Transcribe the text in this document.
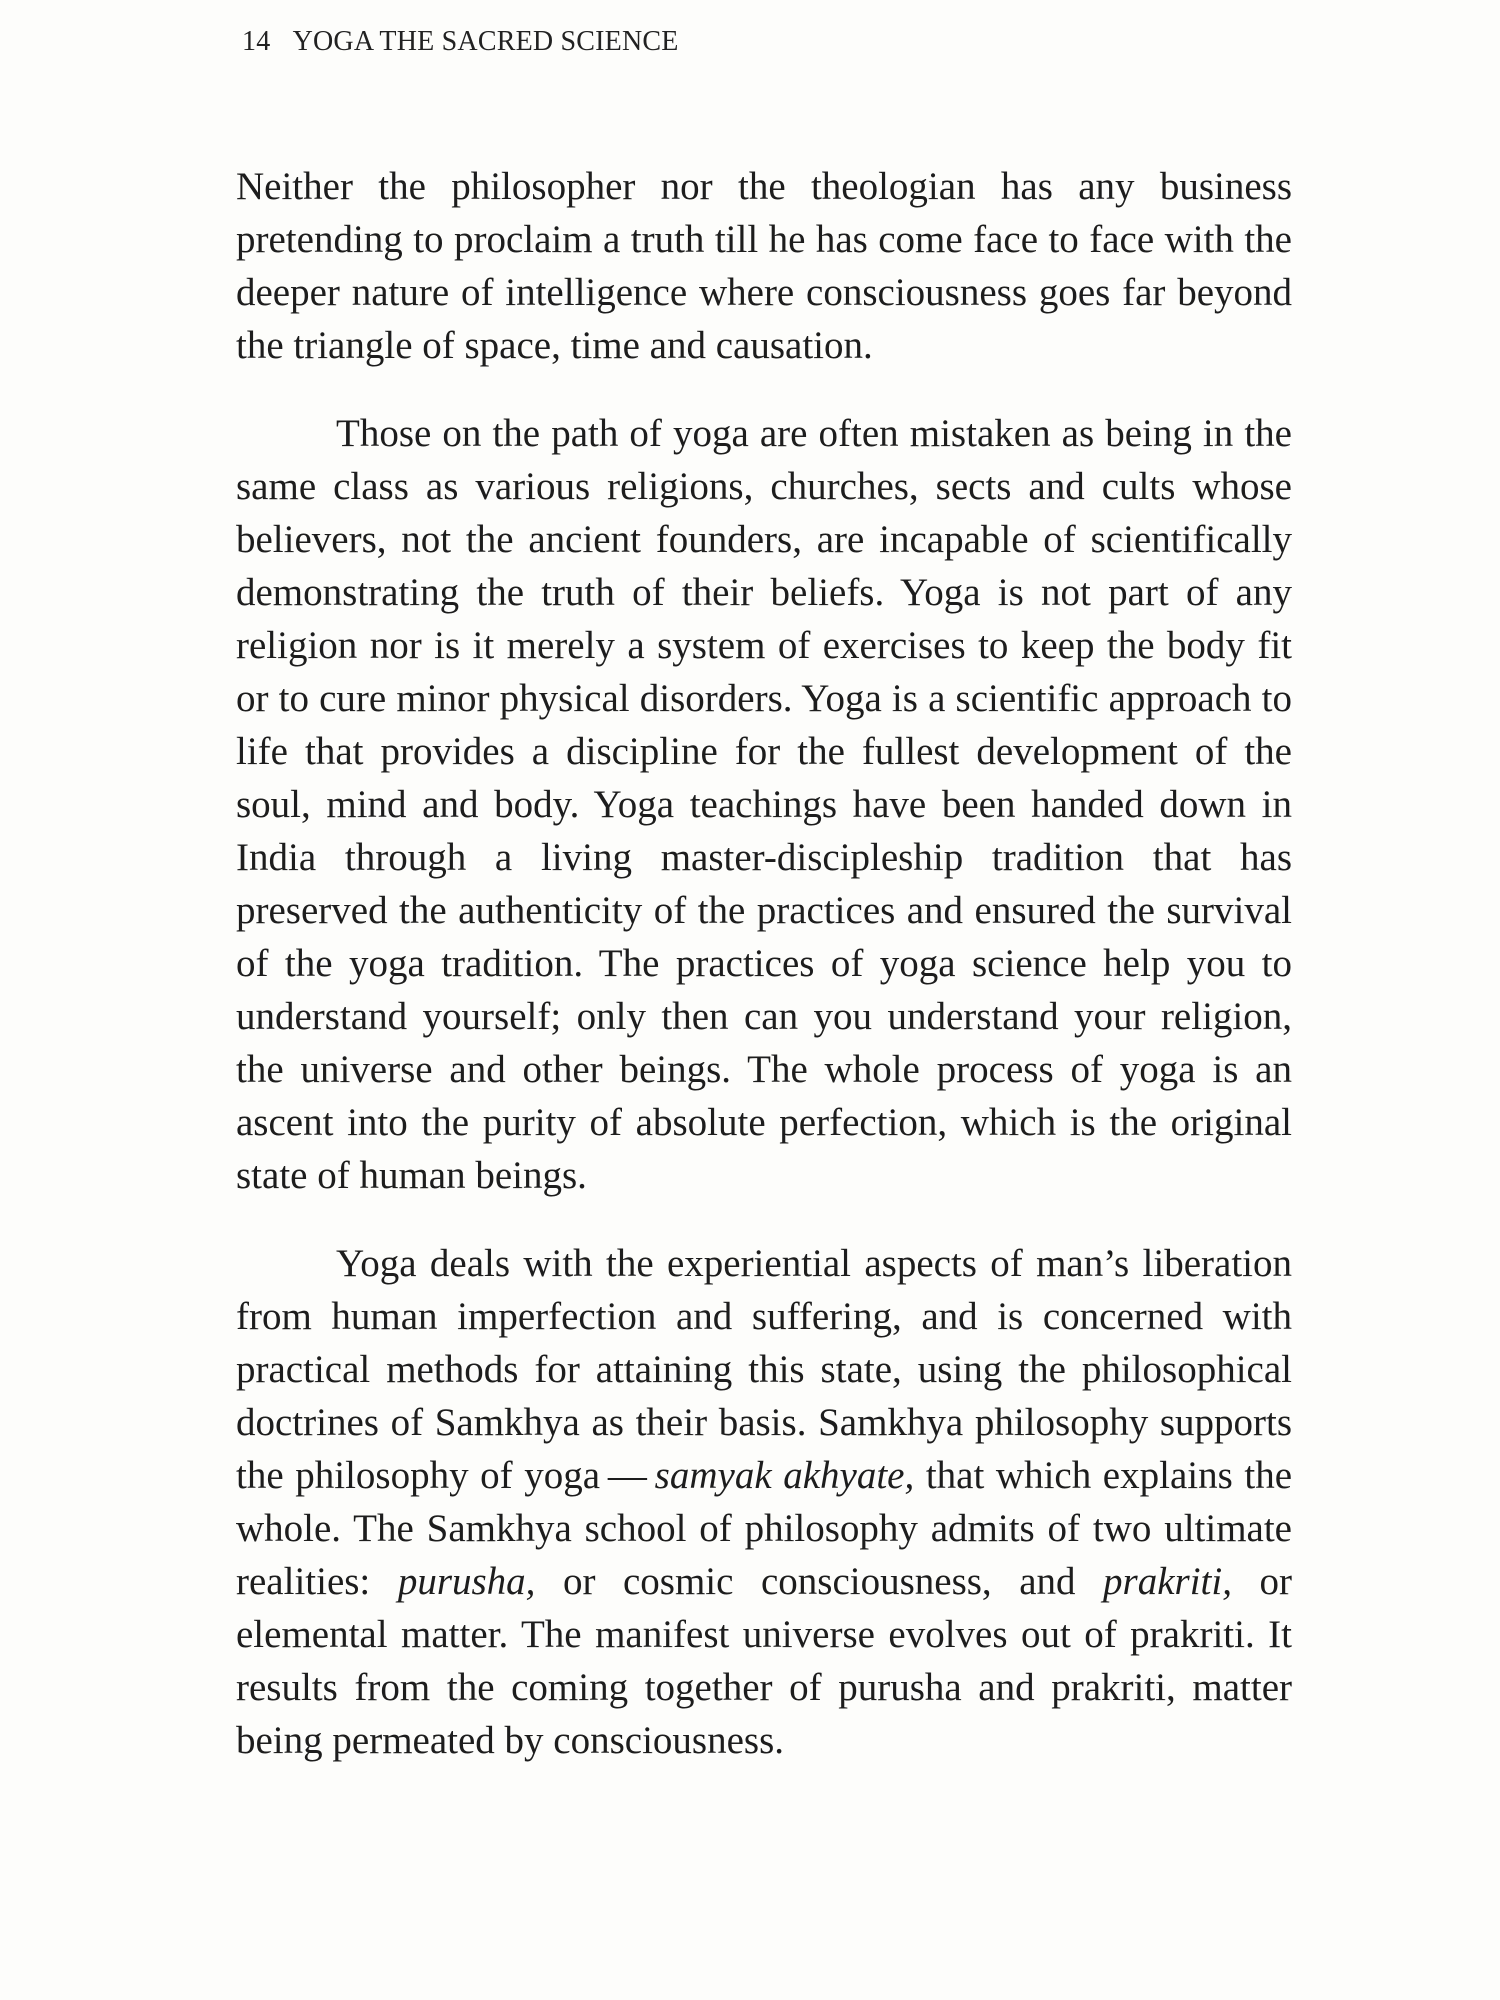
14 YOGA THE SACRED SCIENCE

Neither the philosopher nor the theologian has any business pretending to proclaim a truth till he has come face to face with the deeper nature of intelligence where consciousness goes far beyond the triangle of space, time and causation.

Those on the path of yoga are often mistaken as being in the same class as various religions, churches, sects and cults whose believers, not the ancient founders, are incapable of scientifically demonstrating the truth of their beliefs. Yoga is not part of any religion nor is it merely a system of exercises to keep the body fit or to cure minor physical disorders. Yoga is a scientific approach to life that provides a discipline for the fullest development of the soul, mind and body. Yoga teachings have been handed down in India through a living master-discipleship tradition that has preserved the authenticity of the practices and ensured the survival of the yoga tradition. The practices of yoga science help you to understand yourself; only then can you understand your religion, the universe and other beings. The whole process of yoga is an ascent into the purity of absolute perfection, which is the original state of human beings.

Yoga deals with the experiential aspects of man’s liberation from human imperfection and suffering, and is concerned with practical methods for attaining this state, using the philosophical doctrines of Samkhya as their basis. Samkhya philosophy supports the philosophy of yoga — samyak akhyate, that which explains the whole. The Samkhya school of philosophy admits of two ultimate realities: purusha, or cosmic consciousness, and prakriti, or elemental matter. The manifest universe evolves out of prakriti. It results from the coming together of purusha and prakriti, matter being permeated by consciousness.
